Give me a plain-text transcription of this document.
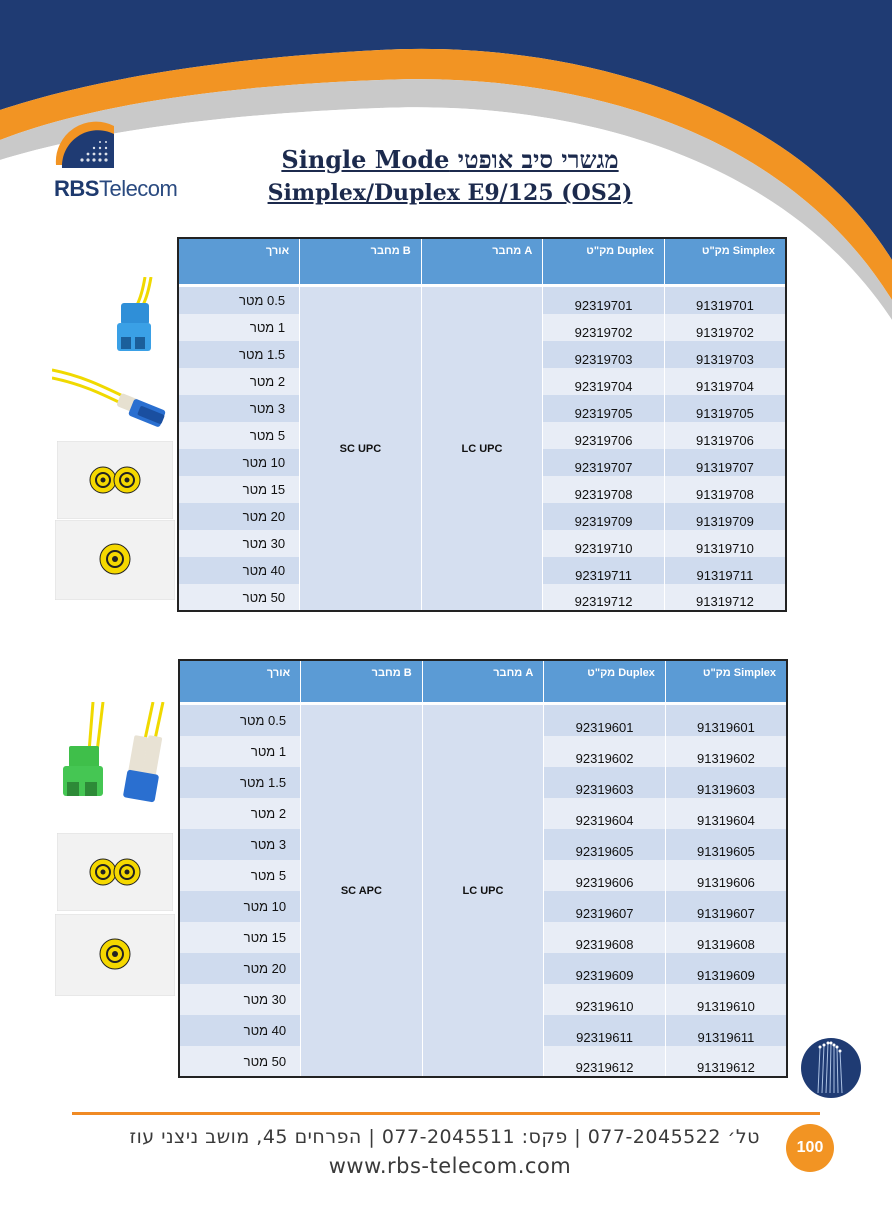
RBSTelecom
מגשרי סיב אופטי Single Mode
Simplex/Duplex E9/125 (OS2)
אורך	מחבר B	מחבר A	מק"ט Duplex	מק"ט Simplex

0.5 מטר	SC UPC	LC UPC	92319701	91319701
1 מטר			92319702	91319702
1.5 מטר			92319703	91319703
2 מטר			92319704	91319704
3 מטר			92319705	91319705
5 מטר			92319706	91319706
10 מטר			92319707	91319707
15 מטר			92319708	91319708
20 מטר			92319709	91319709
30 מטר			92319710	91319710
40 מטר			92319711	91319711
50 מטר			92319712	91319712
אורך	מחבר B	מחבר A	מק"ט Duplex	מק"ט Simplex

0.5 מטר	SC APC	LC UPC	92319601	91319601
1 מטר			92319602	91319602
1.5 מטר			92319603	91319603
2 מטר			92319604	91319604
3 מטר			92319605	91319605
5 מטר			92319606	91319606
10 מטר			92319607	91319607
15 מטר			92319608	91319608
20 מטר			92319609	91319609
30 מטר			92319610	91319610
40 מטר			92319611	91319611
50 מטר			92319612	91319612
טל׳ 077-2045522 | פקס: 077-2045511 | הפרחים 45, מושב ניצני עוז
www.rbs-telecom.com
100
